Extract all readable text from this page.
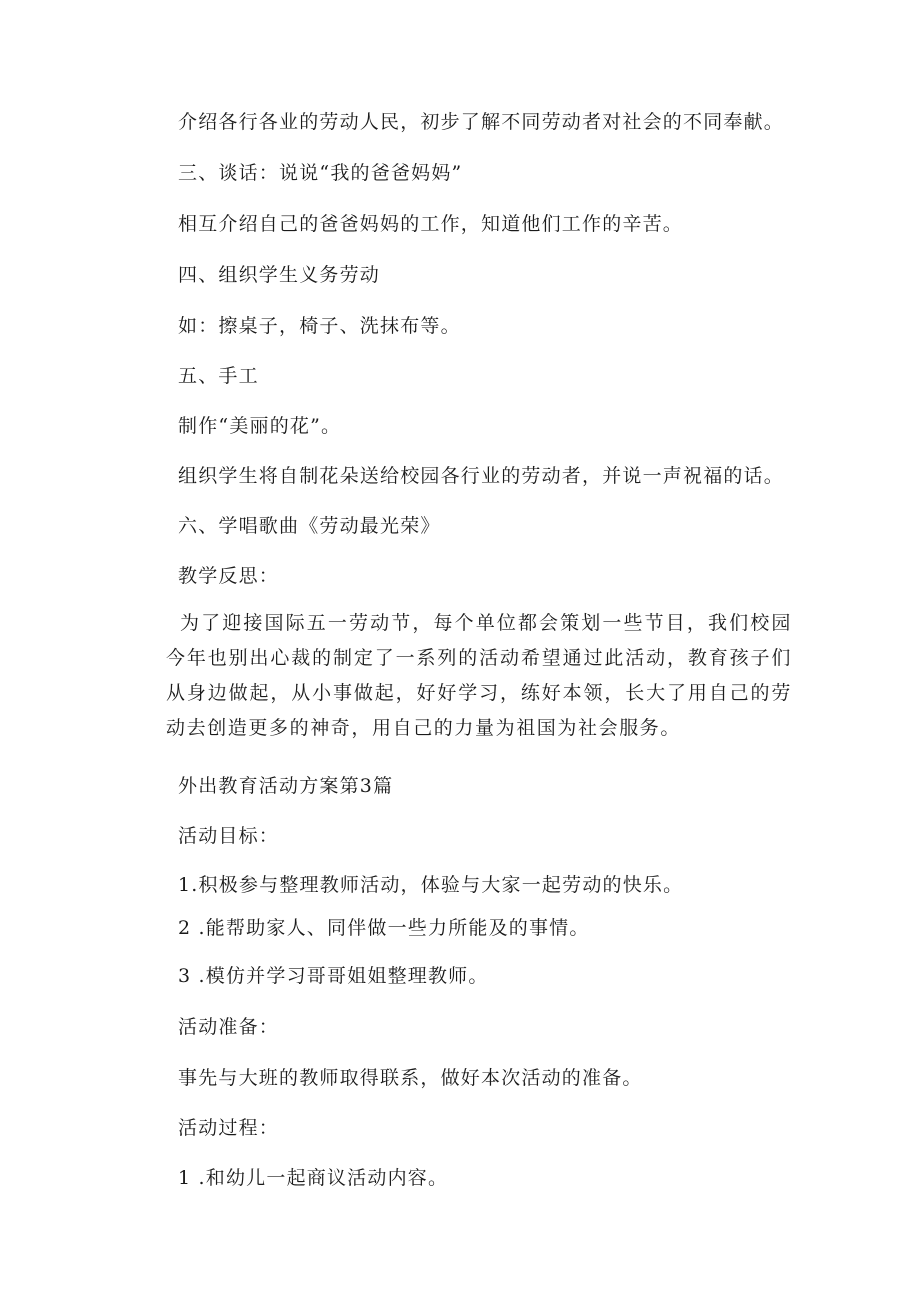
介绍各行各业的劳动人民，初步了解不同劳动者对社会的不同奉献。
三、谈话：说说“我的爸爸妈妈”
相互介绍自己的爸爸妈妈的工作，知道他们工作的辛苦。
四、组织学生义务劳动
如：擦桌子，椅子、洗抹布等。
五、手工
制作“美丽的花”。
组织学生将自制花朵送给校园各行业的劳动者，并说一声祝福的话。
六、学唱歌曲《劳动最光荣》
教学反思：
为了迎接国际五一劳动节，每个单位都会策划一些节目，我们校园今年也别出心裁的制定了一系列的活动希望通过此活动，教育孩子们从身边做起，从小事做起，好好学习，练好本领，长大了用自己的劳动去创造更多的神奇，用自己的力量为祖国为社会服务。
外出教育活动方案第3篇
活动目标：
1.积极参与整理教师活动，体验与大家一起劳动的快乐。
2 .能帮助家人、同伴做一些力所能及的事情。
3 .模仿并学习哥哥姐姐整理教师。
活动准备：
事先与大班的教师取得联系，做好本次活动的准备。
活动过程：
1 .和幼儿一起商议活动内容。
